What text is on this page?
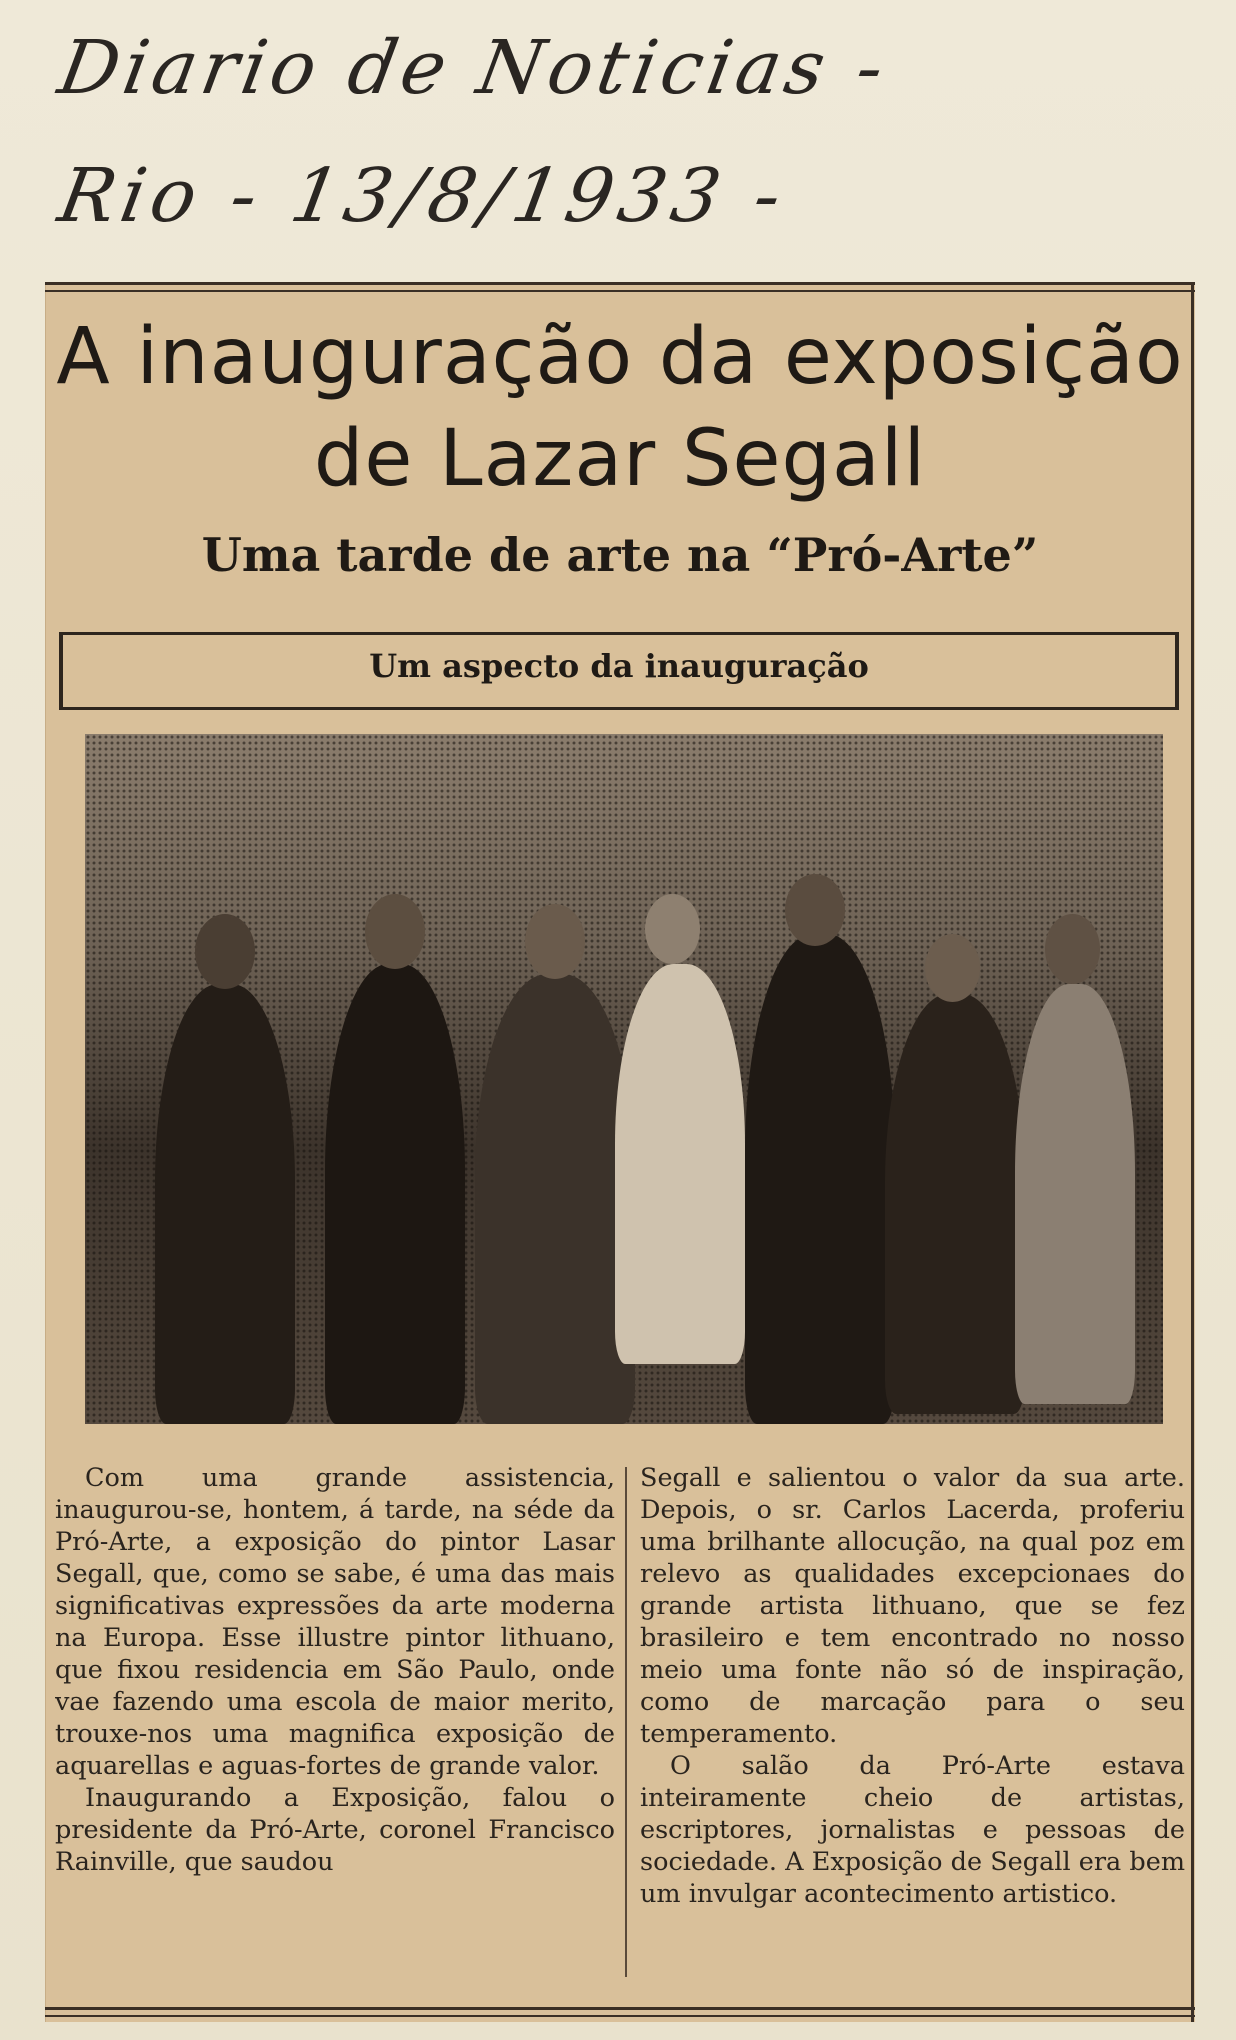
Diario de Noticias -
Rio - 13/8/1933 -
A inauguração da exposição
de Lazar Segall
Uma tarde de arte na “Pró-Arte”
Um aspecto da inauguração

Com uma grande assistencia, inaugurou-se, hontem, á tarde, na séde da Pró-Arte, a exposição do pintor Lasar Segall, que, como se sabe, é uma das mais significativas expressões da arte moderna na Europa. Esse illustre pintor lithuano, que fixou residencia em São Paulo, onde vae fazendo uma escola de maior merito, trouxe-nos uma magnifica exposição de aquarellas e aguas-fortes de grande valor.

Inaugurando a Exposição, falou o presidente da Pró-Arte, coronel Francisco Rainville, que saudou

Segall e salientou o valor da sua arte. Depois, o sr. Carlos Lacerda, proferiu uma brilhante allocução, na qual poz em relevo as qualidades excepcionaes do grande artista lithuano, que se fez brasileiro e tem encontrado no nosso meio uma fonte não só de inspiração, como de marcação para o seu temperamento.

O salão da Pró-Arte estava inteiramente cheio de artistas, escriptores, jornalistas e pessoas de sociedade. A Exposição de Segall era bem um invulgar acontecimento artistico.
